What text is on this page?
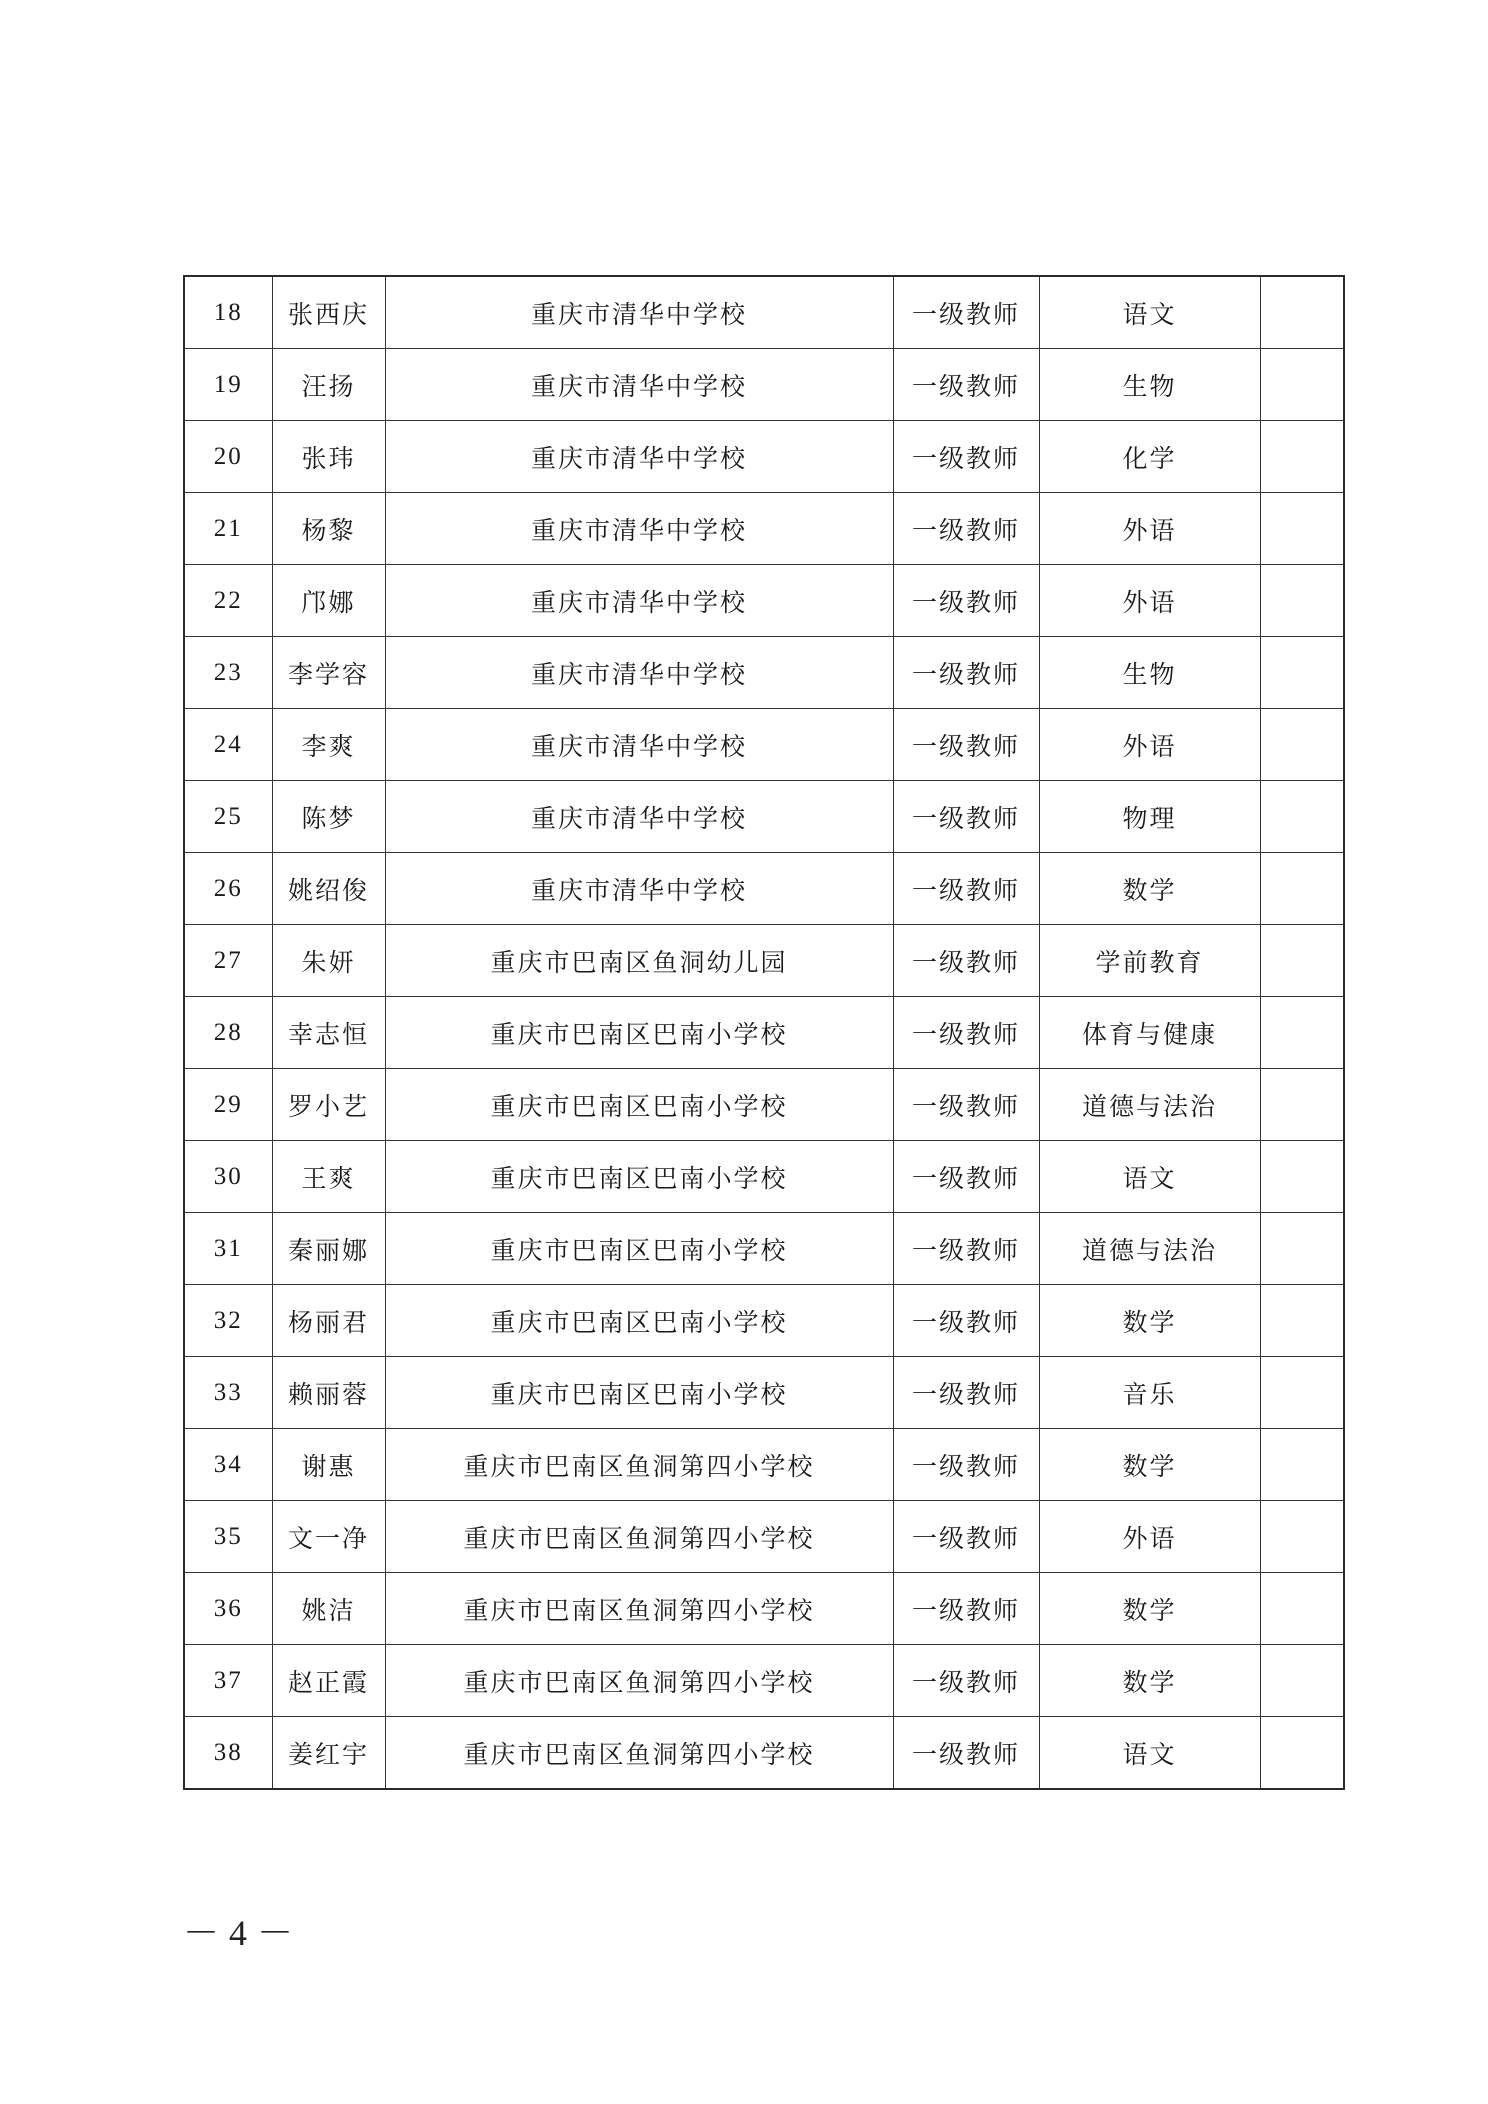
18	张西庆	重庆市清华中学校	一级教师	语文	
19	汪扬	重庆市清华中学校	一级教师	生物	
20	张玮	重庆市清华中学校	一级教师	化学	
21	杨黎	重庆市清华中学校	一级教师	外语	
22	邝娜	重庆市清华中学校	一级教师	外语	
23	李学容	重庆市清华中学校	一级教师	生物	
24	李爽	重庆市清华中学校	一级教师	外语	
25	陈梦	重庆市清华中学校	一级教师	物理	
26	姚绍俊	重庆市清华中学校	一级教师	数学	
27	朱妍	重庆市巴南区鱼洞幼儿园	一级教师	学前教育	
28	幸志恒	重庆市巴南区巴南小学校	一级教师	体育与健康	
29	罗小艺	重庆市巴南区巴南小学校	一级教师	道德与法治	
30	王爽	重庆市巴南区巴南小学校	一级教师	语文	
31	秦丽娜	重庆市巴南区巴南小学校	一级教师	道德与法治	
32	杨丽君	重庆市巴南区巴南小学校	一级教师	数学	
33	赖丽蓉	重庆市巴南区巴南小学校	一级教师	音乐	
34	谢惠	重庆市巴南区鱼洞第四小学校	一级教师	数学	
35	文一净	重庆市巴南区鱼洞第四小学校	一级教师	外语	
36	姚洁	重庆市巴南区鱼洞第四小学校	一级教师	数学	
37	赵正霞	重庆市巴南区鱼洞第四小学校	一级教师	数学	
38	姜红宇	重庆市巴南区鱼洞第四小学校	一级教师	语文	
－4－
